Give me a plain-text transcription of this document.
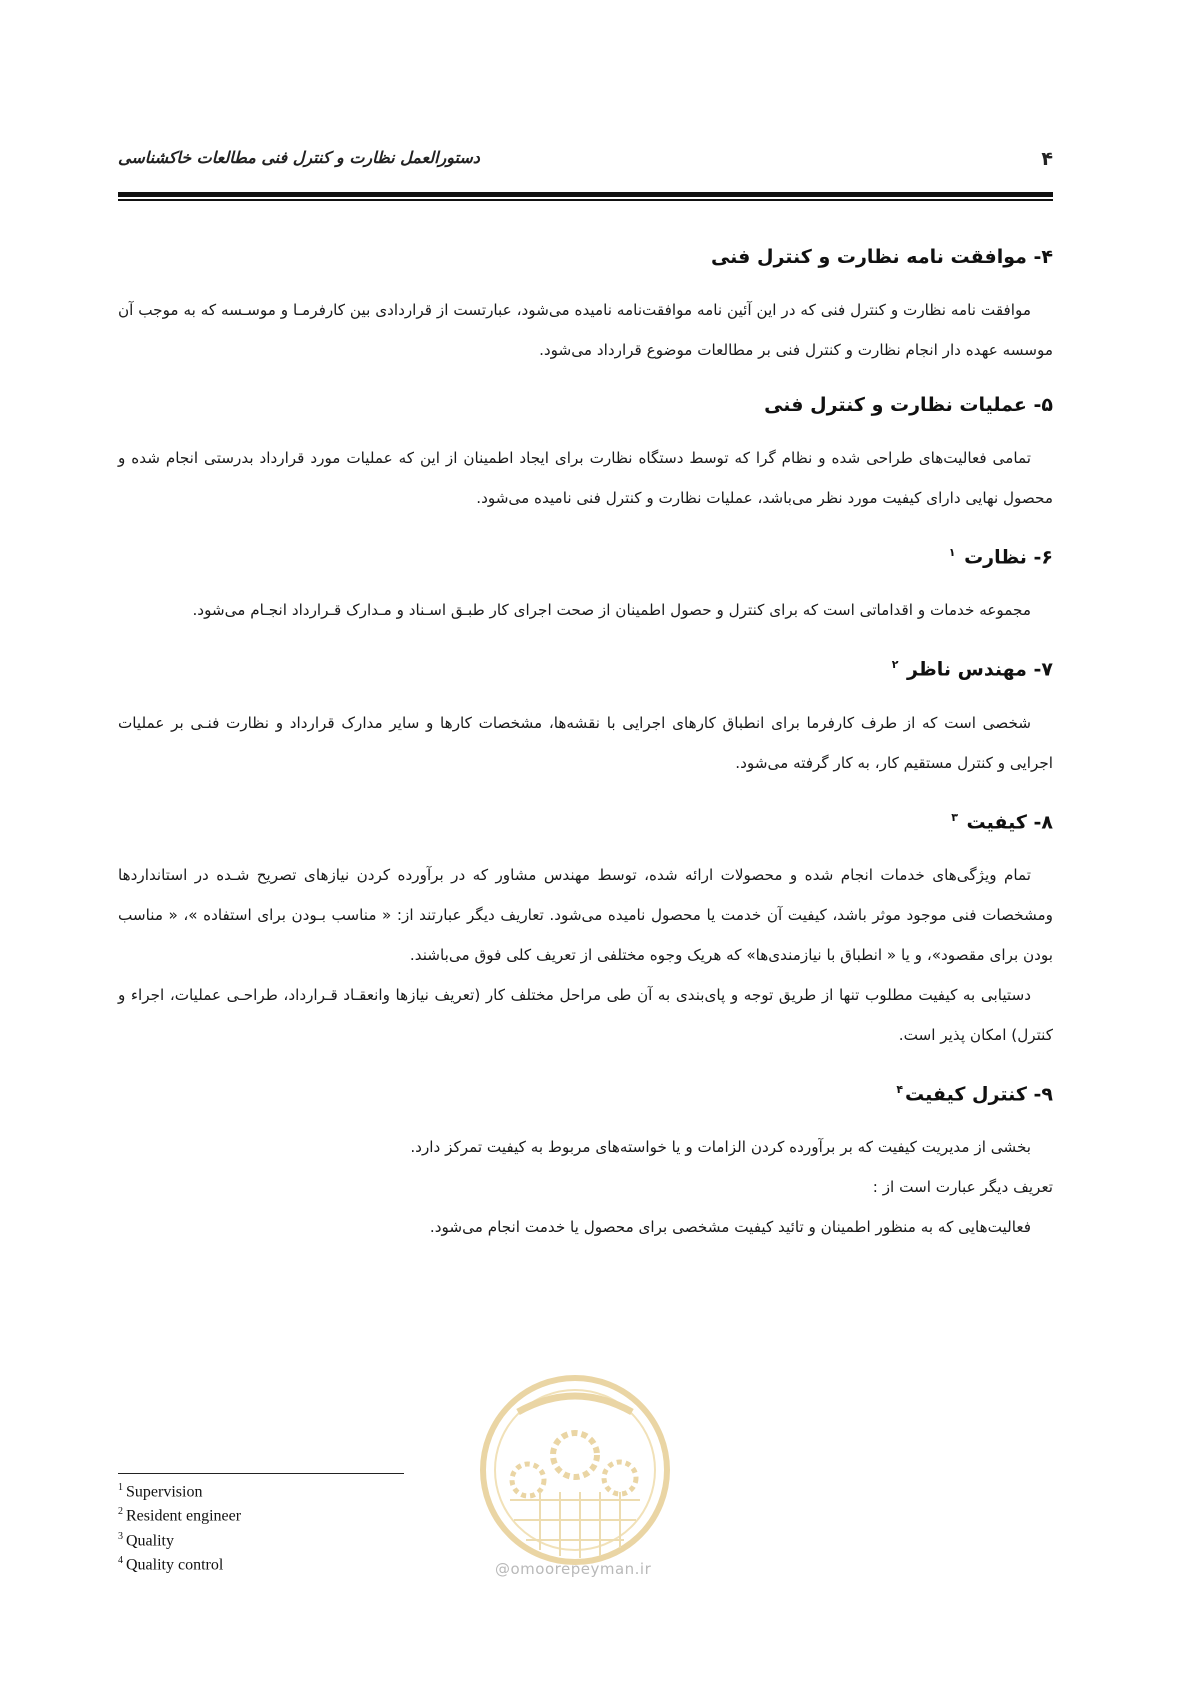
۴
دستورالعمل نظارت و کنترل فنی مطالعات خاکشناسی
۴- موافقت نامه نظارت و کنترل فنی

موافقت نامه نظارت و کنترل فنی که در این آئین نامه موافقت‌نامه نامیده می‌شود، عبارتست از قراردادی بین کارفرمـا و موسـسه که به موجب آن موسسه عهده دار انجام نظارت و کنترل فنی بر مطالعات موضوع قرارداد می‌شود.

۵- عملیات نظارت و کنترل فنی

تمامی فعالیت‌های طراحی شده و نظام گرا که توسط دستگاه نظارت برای ایجاد اطمینان از این که عملیات مورد قرارداد بدرستی انجام شده و محصول نهایی دارای کیفیت مورد نظر می‌باشد، عملیات نظارت و کنترل فنی نامیده می‌شود.

۶- نظارت $^۱$

مجموعه خدمات و اقداماتی است که برای کنترل و حصول اطمینان از صحت اجرای کار طبـق اسـناد و مـدارک قـرارداد انجـام می‌شود.

۷- مهندس ناظر $^۲$

شخصی است که از طرف کارفرما برای انطباق کارهای اجرایی با نقشه‌ها، مشخصات کارها و سایر مدارک قرارداد و نظارت فنـی بر عملیات اجرایی و کنترل مستقیم کار، به کار گرفته می‌شود.

۸- کیفیت $^۳$

تمام ویژگی‌های خدمات انجام شده و محصولات ارائه شده، توسط مهندس مشاور که در برآورده کردن نیازهای تصریح شـده در استانداردها ومشخصات فنی موجود موثر باشد، کیفیت آن خدمت یا محصول نامیده می‌شود. تعاریف دیگر عبارتند از: « مناسب بـودن برای استفاده »، « مناسب بودن برای مقصود»، و یا « انطباق با نیازمندی‌ها» که هریک وجوه مختلفی از تعریف کلی فوق می‌باشند.

دستیابی به کیفیت مطلوب تنها از طریق توجه و پای‌بندی به آن طی مراحل مختلف کار (تعریف نیازها وانعقـاد قـرارداد، طراحـی عملیات، اجراء و کنترل) امکان پذیر است.

۹- کنترل کیفیت$^۴$

بخشی از مدیریت کیفیت که بر برآورده کردن الزامات و یا خواسته‌های مربوط به کیفیت تمرکز دارد.

تعریف دیگر عبارت است از :

فعالیت‌هایی که به منظور اطمینان و تائید کیفیت مشخصی برای محصول یا خدمت انجام می‌شود.

@omoorepeyman.ir
$^1$ Supervision
$^2$ Resident engineer
$^3$ Quality
$^4$ Quality control
